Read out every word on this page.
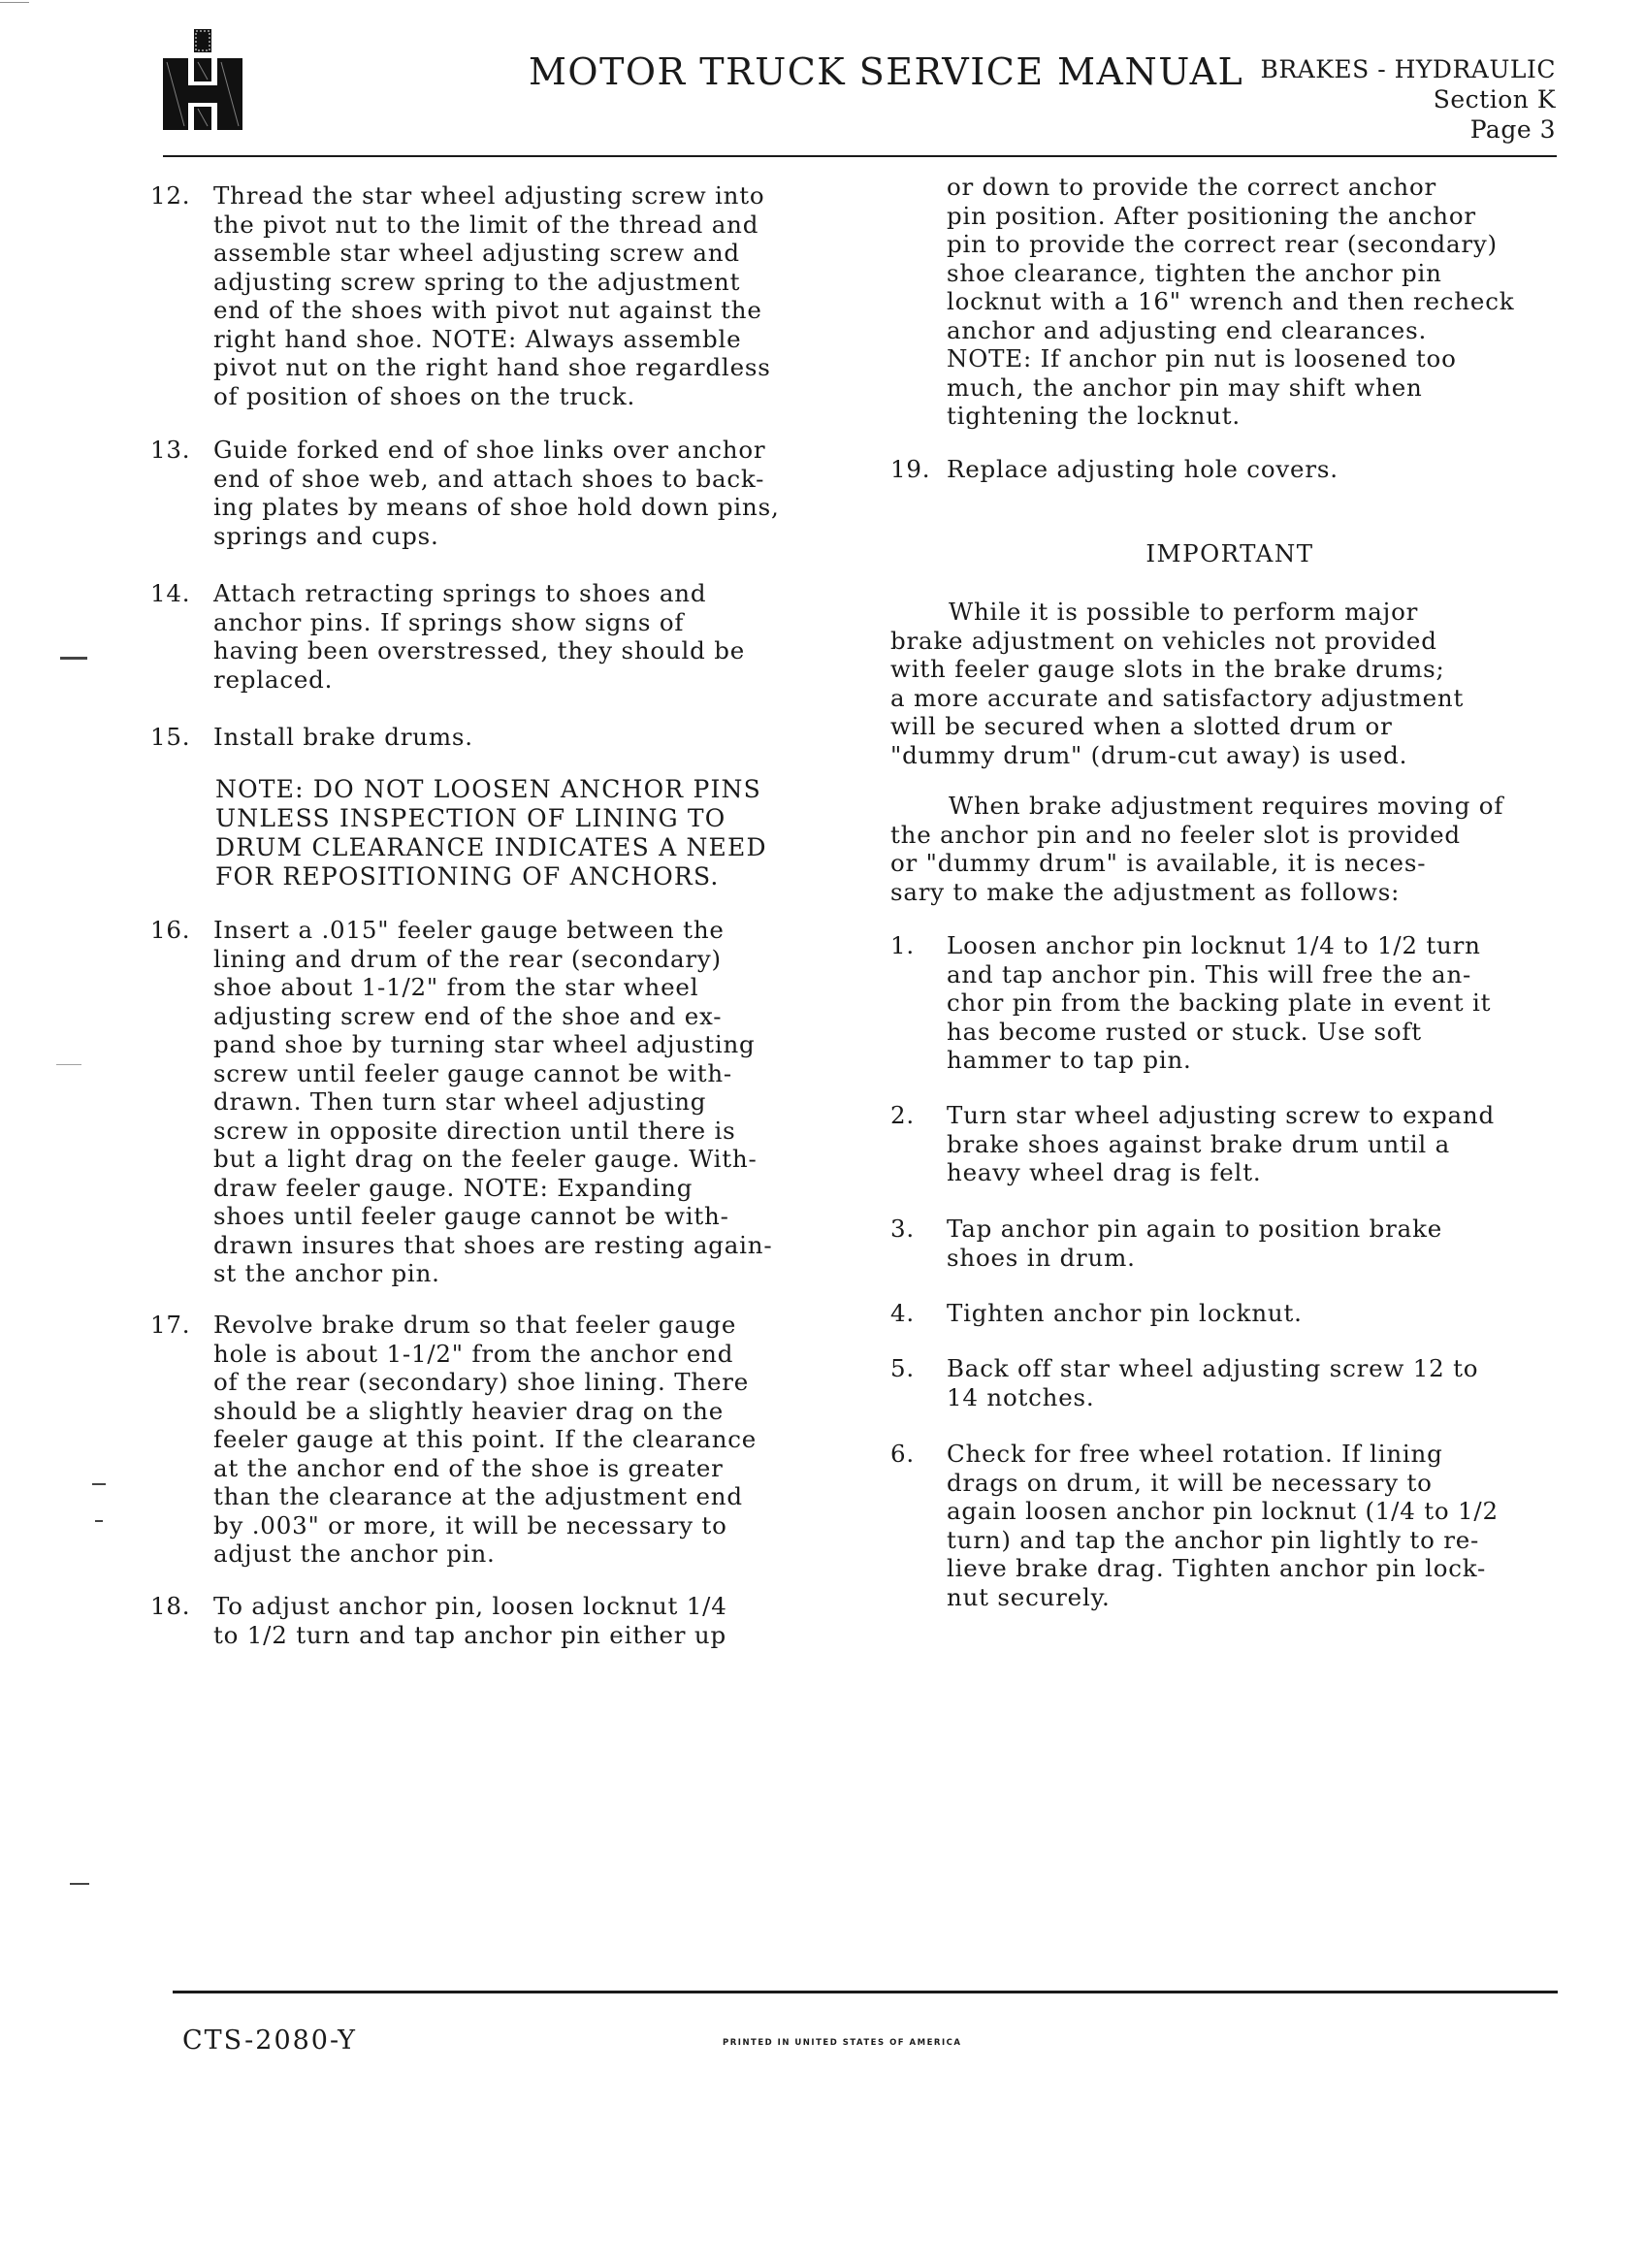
MOTOR TRUCK SERVICE MANUAL BRAKES - HYDRAULIC
Section K
Page 3
12. Thread the star wheel adjusting screw into
the pivot nut to the limit of the thread and
assemble star wheel adjusting screw and
adjusting screw spring to the adjustment
end of the shoes with pivot nut against the
right hand shoe. NOTE: Always assemble
pivot nut on the right hand shoe regardless
of position of shoes on the truck.
13. Guide forked end of shoe links over anchor
end of shoe web, and attach shoes to back-
ing plates by means of shoe hold down pins,
springs and cups.
14. Attach retracting springs to shoes and
anchor pins. If springs show signs of
having been overstressed, they should be
replaced.
15. Install brake drums.
NOTE: DO NOT LOOSEN ANCHOR PINS
UNLESS INSPECTION OF LINING TO
DRUM CLEARANCE INDICATES A NEED
FOR REPOSITIONING OF ANCHORS.
16. Insert a .015" feeler gauge between the
lining and drum of the rear (secondary)
shoe about 1-1/2" from the star wheel
adjusting screw end of the shoe and ex-
pand shoe by turning star wheel adjusting
screw until feeler gauge cannot be with-
drawn. Then turn star wheel adjusting
screw in opposite direction until there is
but a light drag on the feeler gauge. With-
draw feeler gauge. NOTE: Expanding
shoes until feeler gauge cannot be with-
drawn insures that shoes are resting again-
st the anchor pin.
17. Revolve brake drum so that feeler gauge
hole is about 1-1/2" from the anchor end
of the rear (secondary) shoe lining. There
should be a slightly heavier drag on the
feeler gauge at this point. If the clearance
at the anchor end of the shoe is greater
than the clearance at the adjustment end
by .003" or more, it will be necessary to
adjust the anchor pin.
18. To adjust anchor pin, loosen locknut 1/4
to 1/2 turn and tap anchor pin either up
or down to provide the correct anchor
pin position. After positioning the anchor
pin to provide the correct rear (secondary)
shoe clearance, tighten the anchor pin
locknut with a 16" wrench and then recheck
anchor and adjusting end clearances.
NOTE: If anchor pin nut is loosened too
much, the anchor pin may shift when
tightening the locknut.
19. Replace adjusting hole covers.
IMPORTANT
While it is possible to perform major
brake adjustment on vehicles not provided
with feeler gauge slots in the brake drums;
a more accurate and satisfactory adjustment
will be secured when a slotted drum or
"dummy drum" (drum-cut away) is used.
When brake adjustment requires moving of
the anchor pin and no feeler slot is provided
or "dummy drum" is available, it is neces-
sary to make the adjustment as follows:
1. Loosen anchor pin locknut 1/4 to 1/2 turn
and tap anchor pin. This will free the an-
chor pin from the backing plate in event it
has become rusted or stuck. Use soft
hammer to tap pin.
2. Turn star wheel adjusting screw to expand
brake shoes against brake drum until a
heavy wheel drag is felt.
3. Tap anchor pin again to position brake
shoes in drum.
4. Tighten anchor pin locknut.
5. Back off star wheel adjusting screw 12 to
14 notches.
6. Check for free wheel rotation. If lining
drags on drum, it will be necessary to
again loosen anchor pin locknut (1/4 to 1/2
turn) and tap the anchor pin lightly to re-
lieve brake drag. Tighten anchor pin lock-
nut securely.
CTS-2080-Y	PRINTED IN UNITED STATES OF AMERICA
